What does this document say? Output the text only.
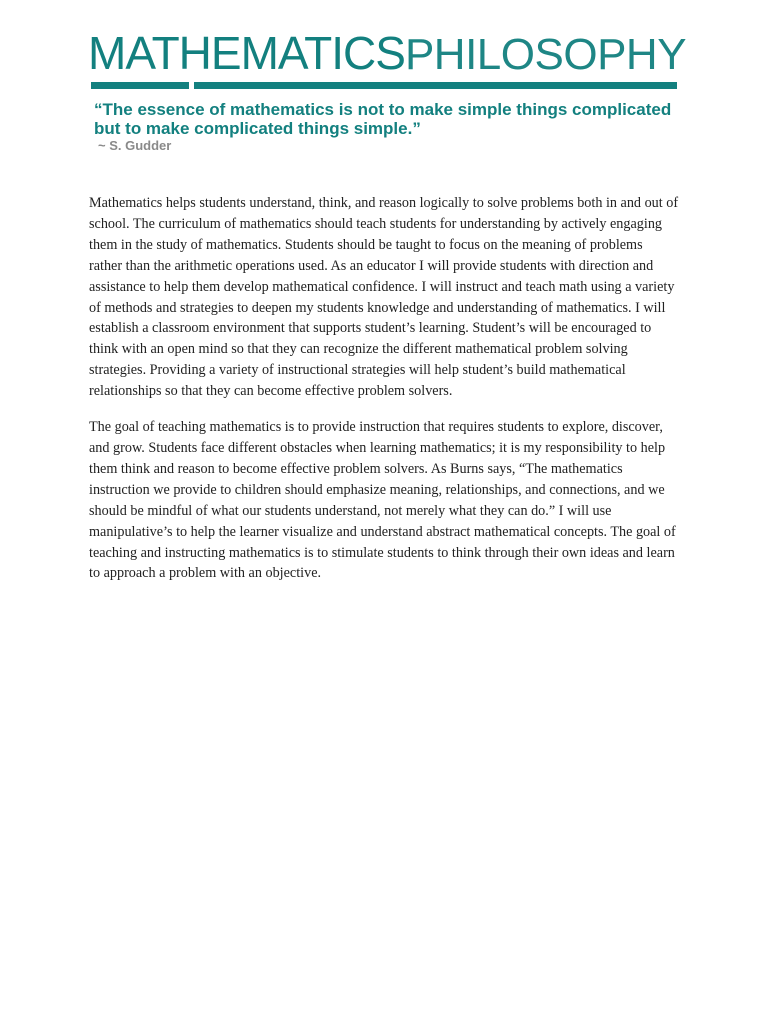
MATHEMATICSPHILOSOPHY
“The essence of mathematics is not to make simple things complicated but to make complicated things simple.”
~ S. Gudder

Mathematics helps students understand, think, and reason logically to solve problems both in and out of school. The curriculum of mathematics should teach students for understanding by actively engaging them in the study of mathematics. Students should be taught to focus on the meaning of problems rather than the arithmetic operations used. As an educator I will provide students with direction and assistance to help them develop mathematical confidence. I will instruct and teach math using a variety of methods and strategies to deepen my students knowledge and understanding of mathematics. I will establish a classroom environment that supports student’s learning. Student’s will be encouraged to think with an open mind so that they can recognize the different mathematical problem solving strategies. Providing a variety of instructional strategies will help student’s build mathematical relationships so that they can become effective problem solvers.

The goal of teaching mathematics is to provide instruction that requires students to explore, discover, and grow. Students face different obstacles when learning mathematics; it is my responsibility to help them think and reason to become effective problem solvers. As Burns says, “The mathematics instruction we provide to children should emphasize meaning, relationships, and connections, and we should be mindful of what our students understand, not merely what they can do.” I will use manipulative’s to help the learner visualize and understand abstract mathematical concepts. The goal of teaching and instructing mathematics is to stimulate students to think through their own ideas and learn to approach a problem with an objective.
